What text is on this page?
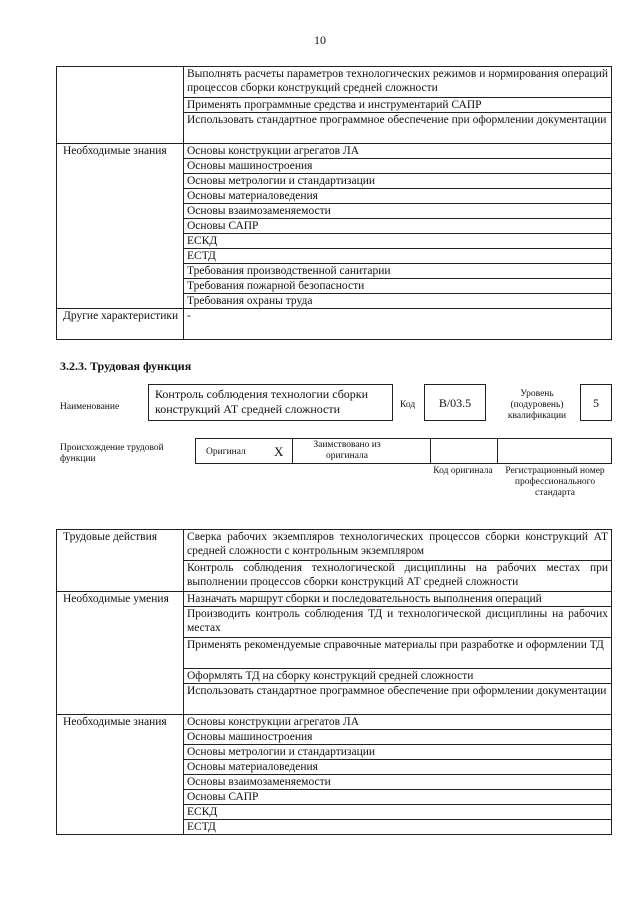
10
	Выполнять расчеты параметров технологических режимов и нормирования операций процессов сборки конструкций средней сложности
	Применять программные средства и инструментарий САПР
	Использовать стандартное программное обеспечение при оформлении документации
Необходимые знания	Основы конструкции агрегатов ЛА
	Основы машиностроения
	Основы метрологии и стандартизации
	Основы материаловедения
	Основы взаимозаменяемости
	Основы САПР
	ЕСКД
	ЕСТД
	Требования производственной санитарии
	Требования пожарной безопасности
	Требования охраны труда
Другие характеристики	-
3.2.3. Трудовая функция
Наименование
Контроль соблюдения технологии сборки конструкций АТ средней сложности	Код	В/03.5
Уровень (подуровень) квалификации
5
Происхождение трудовой функции
Оригинал X	Заимствовано из оригинала
Код оригинала Регистрационный номер профессионального стандарта
Трудовые действия	Сверка рабочих экземпляров технологических процессов сборки конструкций АТ средней сложности с контрольным экземпляром
	Контроль соблюдения технологической дисциплины на рабочих местах при выполнении процессов сборки конструкций АТ средней сложности
Необходимые умения	Назначать маршрут сборки и последовательность выполнения операций
	Производить контроль соблюдения ТД и технологической дисциплины на рабочих местах
	Применять рекомендуемые справочные материалы при разработке и оформлении ТД
	Оформлять ТД на сборку конструкций средней сложности
	Использовать стандартное программное обеспечение при оформлении документации
Необходимые знания	Основы конструкции агрегатов ЛА
	Основы машиностроения
	Основы метрологии и стандартизации
	Основы материаловедения
	Основы взаимозаменяемости
	Основы САПР
	ЕСКД
	ЕСТД
